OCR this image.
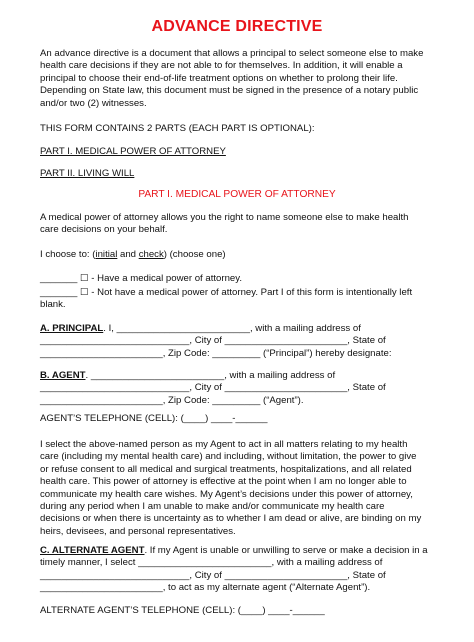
ADVANCE DIRECTIVE
An advance directive is a document that allows a principal to select someone else to make
health care decisions if they are not able to for themselves. In addition, it will enable a
principal to choose their end-of-life treatment options on whether to prolong their life.
Depending on State law, this document must be signed in the presence of a notary public
and/or two (2) witnesses.
THIS FORM CONTAINS 2 PARTS (EACH PART IS OPTIONAL):
PART I. MEDICAL POWER OF ATTORNEY
PART II. LIVING WILL
PART I. MEDICAL POWER OF ATTORNEY
A medical power of attorney allows you the right to name someone else to make health
care decisions on your behalf.
I choose to: (initial and check) (choose one)
_______ ☐ - Have a medical power of attorney.
_______ ☐ - Not have a medical power of attorney. Part I of this form is intentionally left
blank.
A. PRINCIPAL. I, _________________________, with a mailing address of
____________________________, City of _______________________, State of
_______________________, Zip Code: _________ (“Principal”) hereby designate:
B. AGENT. _________________________, with a mailing address of
____________________________, City of _______________________, State of
_______________________, Zip Code: _________ (“Agent”).
AGENT’S TELEPHONE (CELL): (____) ____-______
I select the above-named person as my Agent to act in all matters relating to my health
care (including my mental health care) and including, without limitation, the power to give
or refuse consent to all medical and surgical treatments, hospitalizations, and all related
health care. This power of attorney is effective at the point when I am no longer able to
communicate my health care wishes. My Agent’s decisions under this power of attorney,
during any period when I am unable to make and/or communicate my health care
decisions or when there is uncertainty as to whether I am dead or alive, are binding on my
heirs, devisees, and personal representatives.
C. ALTERNATE AGENT. If my Agent is unable or unwilling to serve or make a decision in a
timely manner, I select _________________________, with a mailing address of
____________________________, City of _______________________, State of
_______________________, to act as my alternate agent (“Alternate Agent”).
ALTERNATE AGENT’S TELEPHONE (CELL): (____) ____-______
